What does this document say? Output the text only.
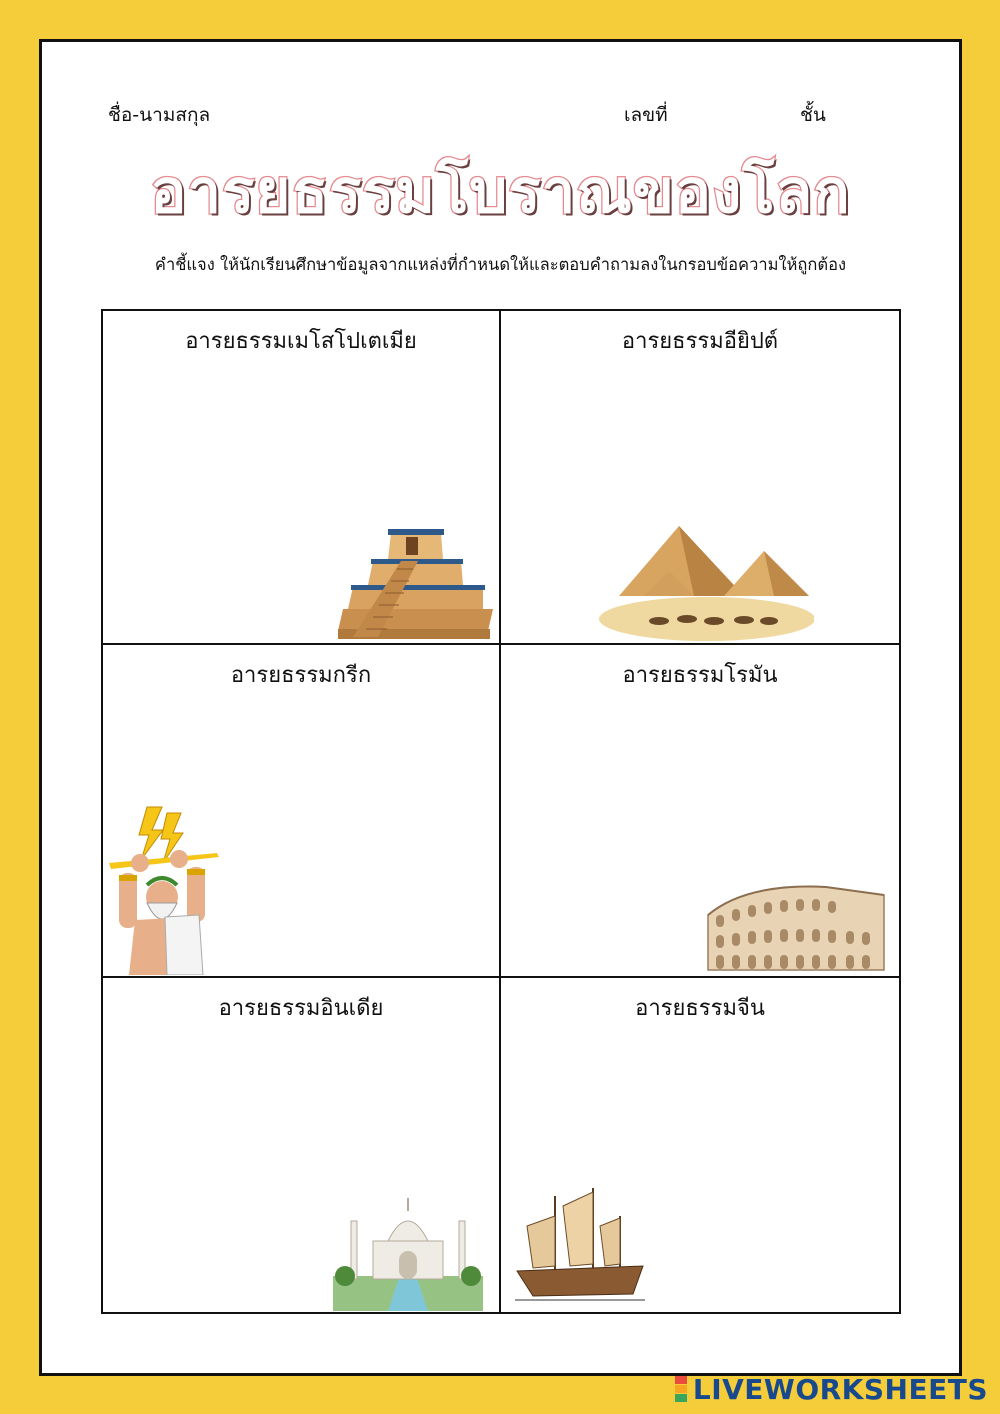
ชื่อ-นามสกุล	เลขที่	ชั้น
อารยธรรมโบราณของโลก
คำชี้แจง ให้นักเรียนศึกษาข้อมูลจากแหล่งที่กำหนดให้และตอบคำถามลงในกรอบข้อความให้ถูกต้อง
อารยธรรมเมโสโปเตเมีย	อารยธรรมอียิปต์
อารยธรรมกรีก	อารยธรรมโรมัน
อารยธรรมอินเดีย	อารยธรรมจีน
LIVEWORKSHEETS
